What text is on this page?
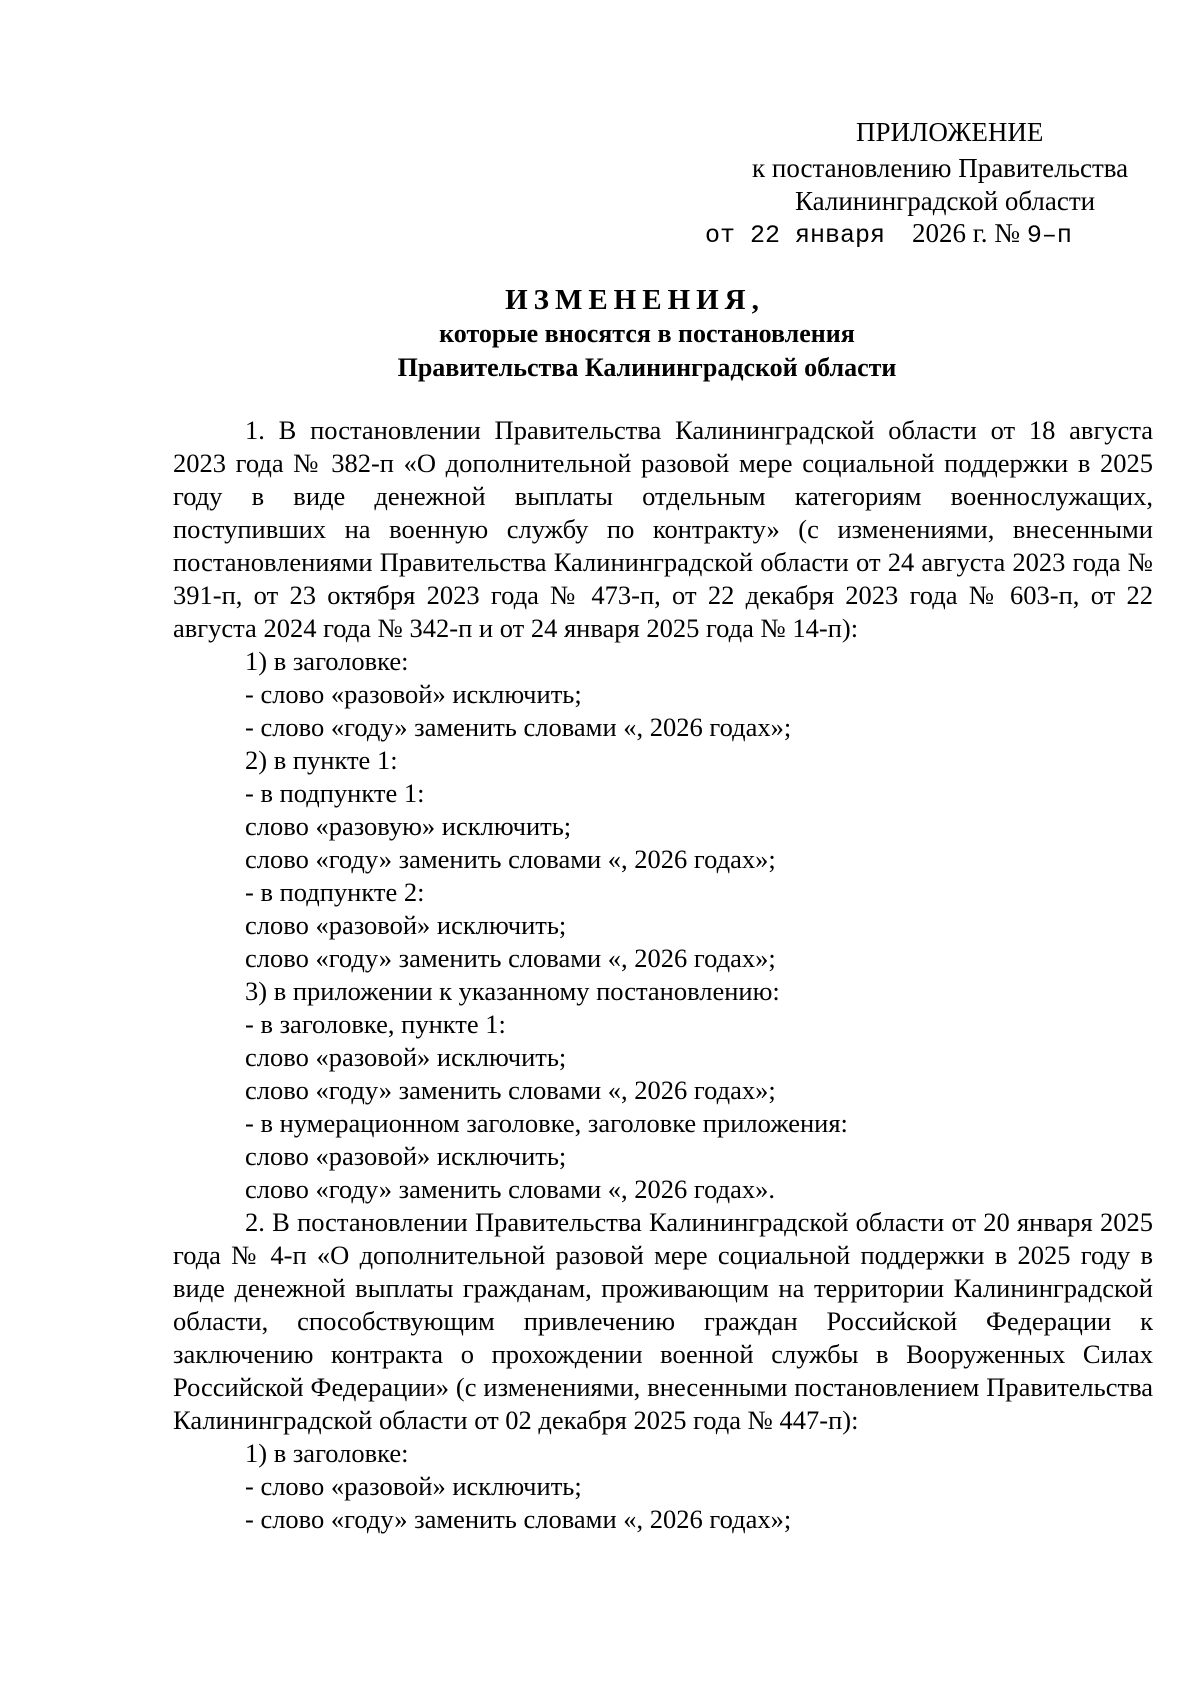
ПРИЛОЖЕНИЕ
к постановлению Правительства
Калининградской области
от 22 января 2026 г. № 9–п
ИЗМЕНЕНИЯ,
которые вносятся в постановления
Правительства Калининградской области

1. В постановлении Правительства Калининградской области от 18 августа 2023 года № 382-п «О дополнительной разовой мере социальной поддержки в 2025 году в виде денежной выплаты отдельным категориям военнослужащих, поступивших на военную службу по контракту» (с изменениями, внесенными постановлениями Правительства Калининградской области от 24 августа 2023 года № 391-п, от 23 октября 2023 года № 473-п, от 22 декабря 2023 года № 603-п, от 22 августа 2024 года № 342-п и от 24 января 2025 года № 14-п):

1) в заголовке:

- слово «разовой» исключить;

- слово «году» заменить словами «, 2026 годах»;

2) в пункте 1:

- в подпункте 1:

слово «разовую» исключить;

слово «году» заменить словами «, 2026 годах»;

- в подпункте 2:

слово «разовой» исключить;

слово «году» заменить словами «, 2026 годах»;

3) в приложении к указанному постановлению:

- в заголовке, пункте 1:

слово «разовой» исключить;

слово «году» заменить словами «, 2026 годах»;

- в нумерационном заголовке, заголовке приложения:

слово «разовой» исключить;

слово «году» заменить словами «, 2026 годах».

2. В постановлении Правительства Калининградской области от 20 января 2025 года № 4-п «О дополнительной разовой мере социальной поддержки в 2025 году в виде денежной выплаты гражданам, проживающим на территории Калининградской области, способствующим привлечению граждан Российской Федерации к заключению контракта о прохождении военной службы в Вооруженных Силах Российской Федерации» (с изменениями, внесенными постановлением Правительства Калининградской области от 02 декабря 2025 года № 447-п):

1) в заголовке:

- слово «разовой» исключить;

- слово «году» заменить словами «, 2026 годах»;
